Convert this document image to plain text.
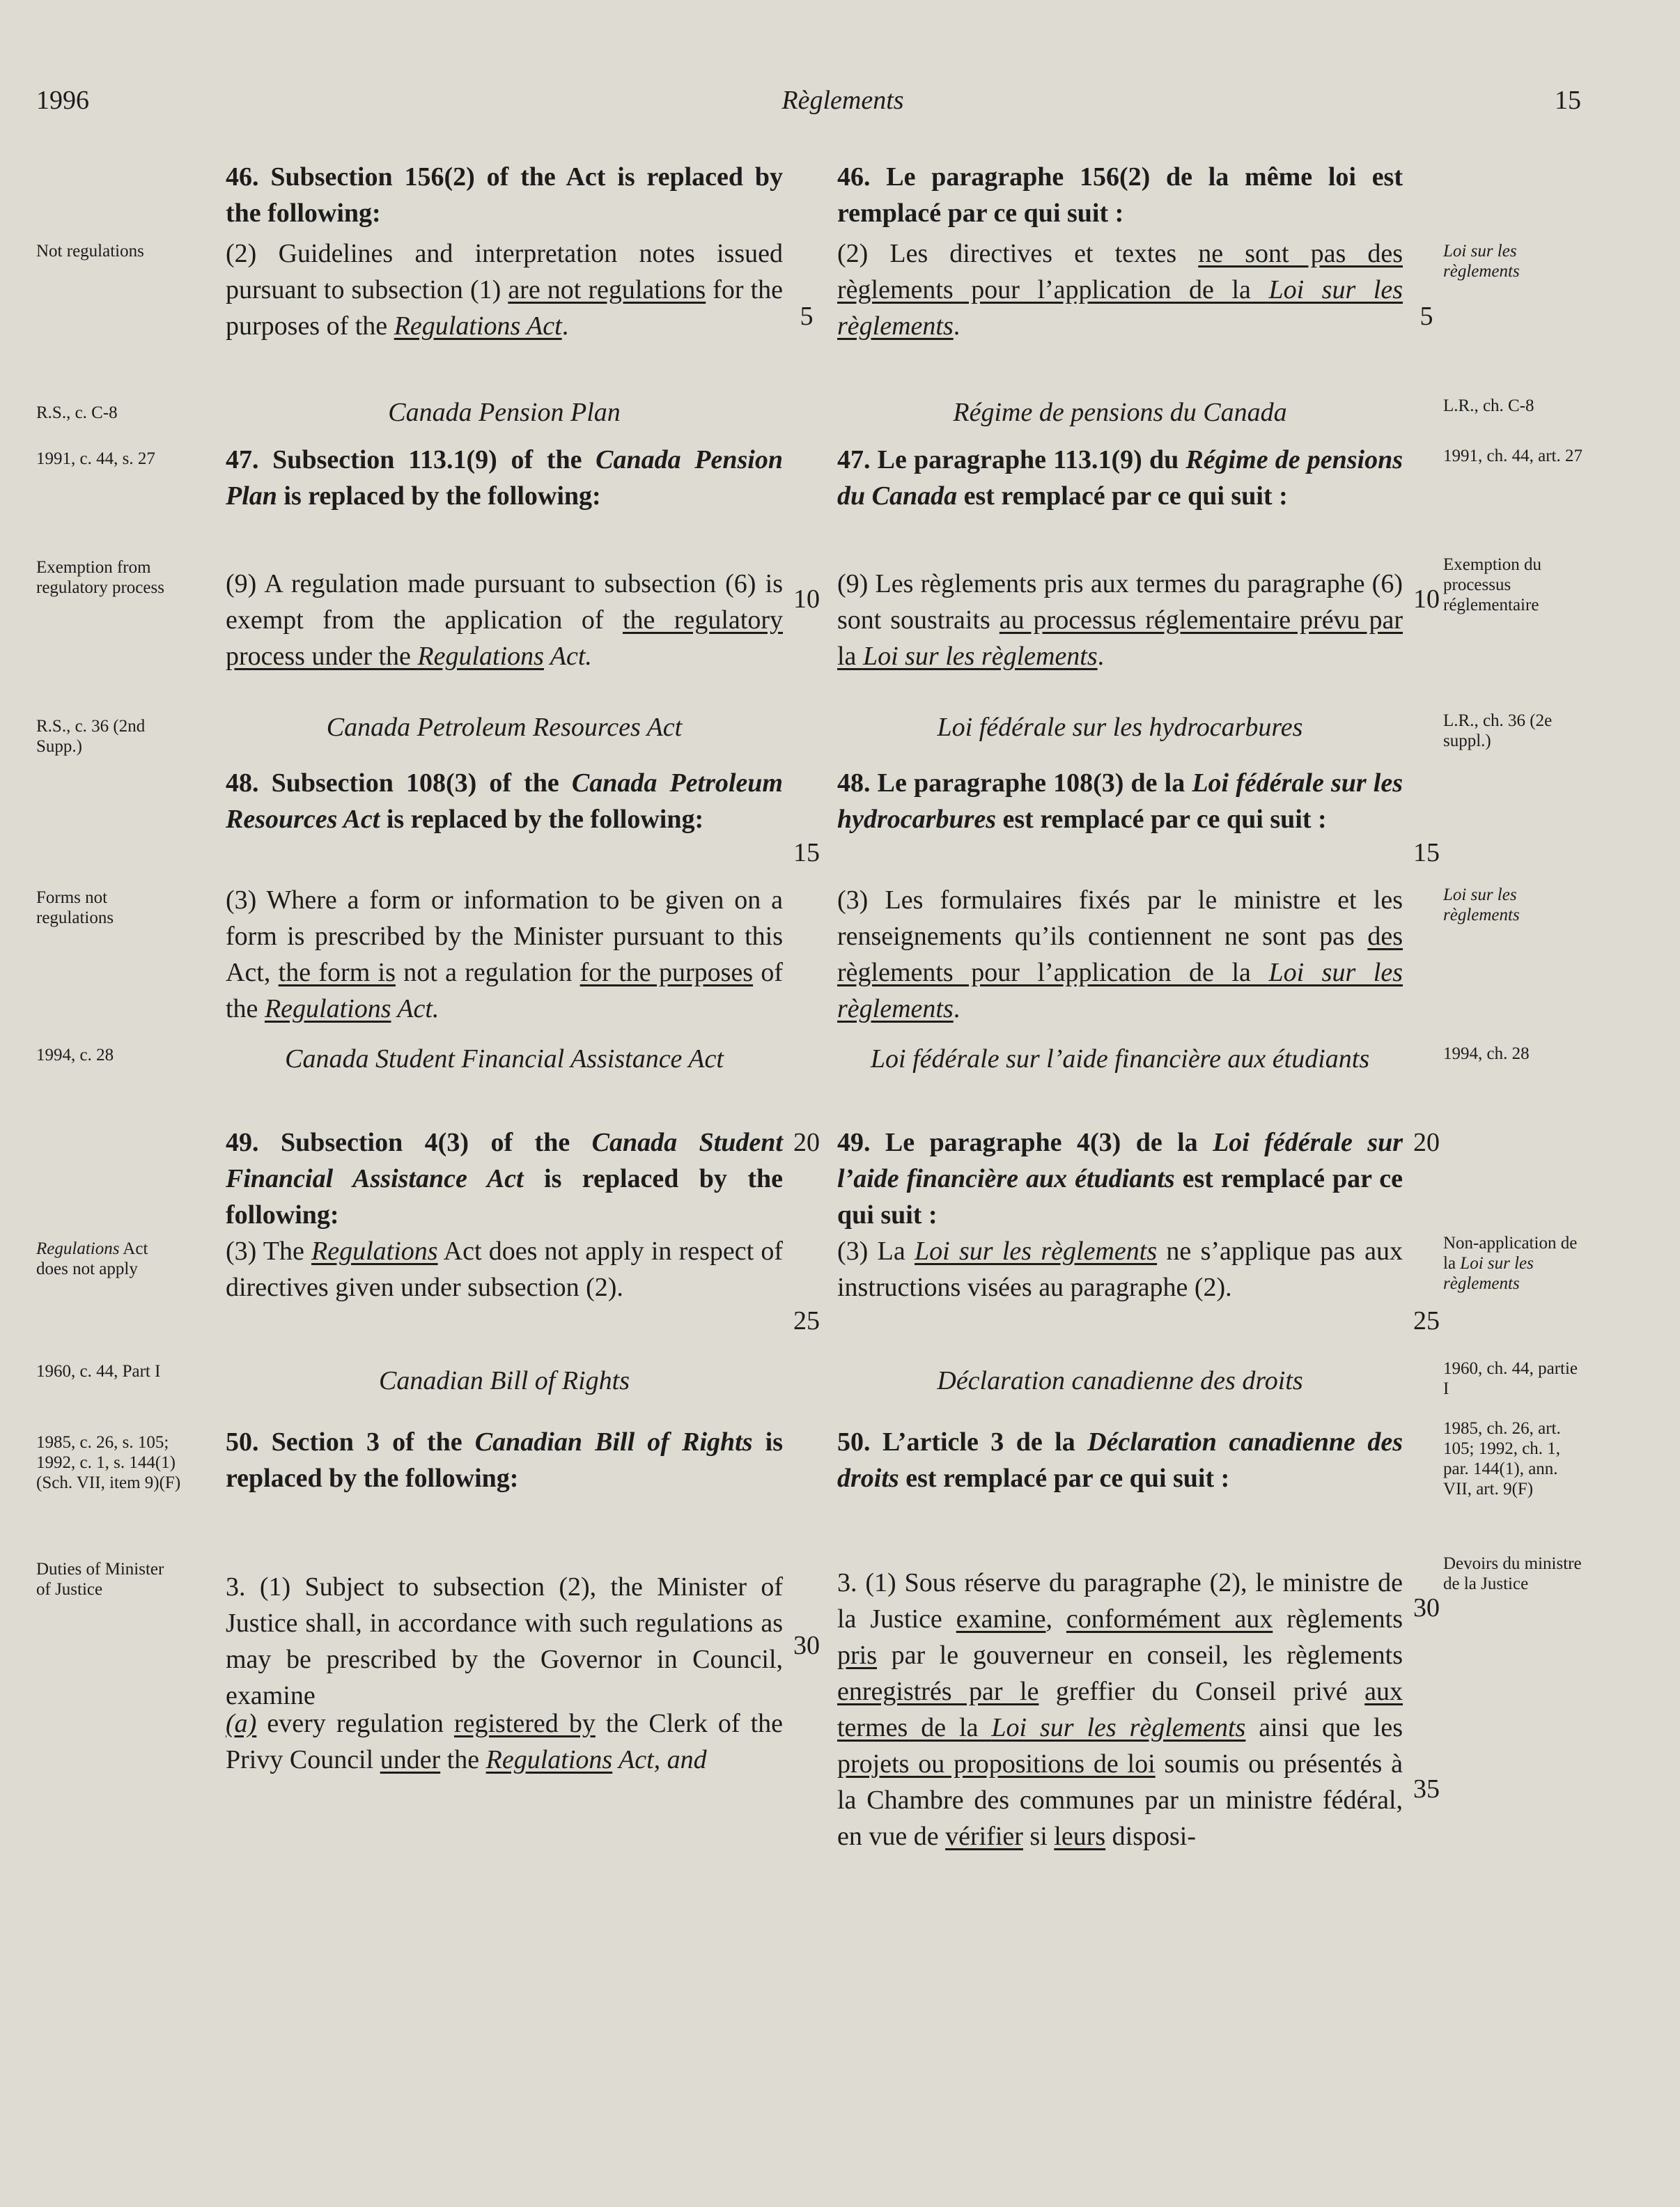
1996	Règlements	15
5	5
10	10
15	15
20	20
25	25
30
30
35
46. Subsection 156(2) of the Act is replaced by the following:
Not regulations	(2) Guidelines and interpretation notes issued pursuant to subsection (1) are not regulations for the purposes of the Regulations Act.
R.S., c. C-8	Canada Pension Plan
1991, c. 44, s. 27	47. Subsection 113.1(9) of the Canada Pension Plan is replaced by the following:
Exemption from regulatory process	(9) A regulation made pursuant to subsection (6) is exempt from the application of the regulatory process under the Regulations Act.
R.S., c. 36 (2nd Supp.)
Canada Petroleum Resources Act
48. Subsection 108(3) of the Canada Petroleum Resources Act is replaced by the following:
Forms not regulations
(3) Where a form or information to be given on a form is prescribed by the Minister pursuant to this Act, the form is not a regulation for the purposes of the Regulations Act.
1994, c. 28	Canada Student Financial Assistance Act
49. Subsection 4(3) of the Canada Student Financial Assistance Act is replaced by the following:
Regulations Act does not apply
(3) The Regulations Act does not apply in respect of directives given under subsection (2).
1960, c. 44, Part I	Canadian Bill of Rights
1985, c. 26, s. 105; 1992, c. 1, s. 144(1)(Sch. VII, item 9)(F)
50. Section 3 of the Canadian Bill of Rights is replaced by the following:
Duties of Minister of Justice	3. (1) Subject to subsection (2), the Minister of Justice shall, in accordance with such regulations as may be prescribed by the Governor in Council, examine
(a) every regulation registered by the Clerk of the Privy Council under the Regulations Act, and
46. Le paragraphe 156(2) de la même loi est remplacé par ce qui suit :
Loi sur les règlements
(2) Les directives et textes ne sont pas des règlements pour l’application de la Loi sur les règlements.
L.R., ch. C-8
Régime de pensions du Canada
1991, ch. 44, art. 27
47. Le paragraphe 113.1(9) du Régime de pensions du Canada est remplacé par ce qui suit :
Exemption du processus réglementaire
(9) Les règlements pris aux termes du paragraphe (6) sont soustraits au processus réglementaire prévu par la Loi sur les règlements.
L.R., ch. 36 (2e suppl.)
Loi fédérale sur les hydrocarbures
48. Le paragraphe 108(3) de la Loi fédérale sur les hydrocarbures est remplacé par ce qui suit :
Loi sur les règlements
(3) Les formulaires fixés par le ministre et les renseignements qu’ils contiennent ne sont pas des règlements pour l’application de la Loi sur les règlements.
1994, ch. 28
Loi fédérale sur l’aide financière aux étudiants
49. Le paragraphe 4(3) de la Loi fédérale sur l’aide financière aux étudiants est remplacé par ce qui suit :
Non-application de la Loi sur les règlements
(3) La Loi sur les règlements ne s’applique pas aux instructions visées au paragraphe (2).
1960, ch. 44, partie I
Déclaration canadienne des droits
1985, ch. 26, art. 105; 1992, ch. 1, par. 144(1), ann. VII, art. 9(F)
50. L’article 3 de la Déclaration canadienne des droits est remplacé par ce qui suit :
Devoirs du ministre de la Justice
3. (1) Sous réserve du paragraphe (2), le ministre de la Justice examine, conformément aux règlements pris par le gouverneur en conseil, les règlements enregistrés par le greffier du Conseil privé aux termes de la Loi sur les règlements ainsi que les projets ou propositions de loi soumis ou présentés à la Chambre des communes par un ministre fédéral, en vue de vérifier si leurs disposi-
